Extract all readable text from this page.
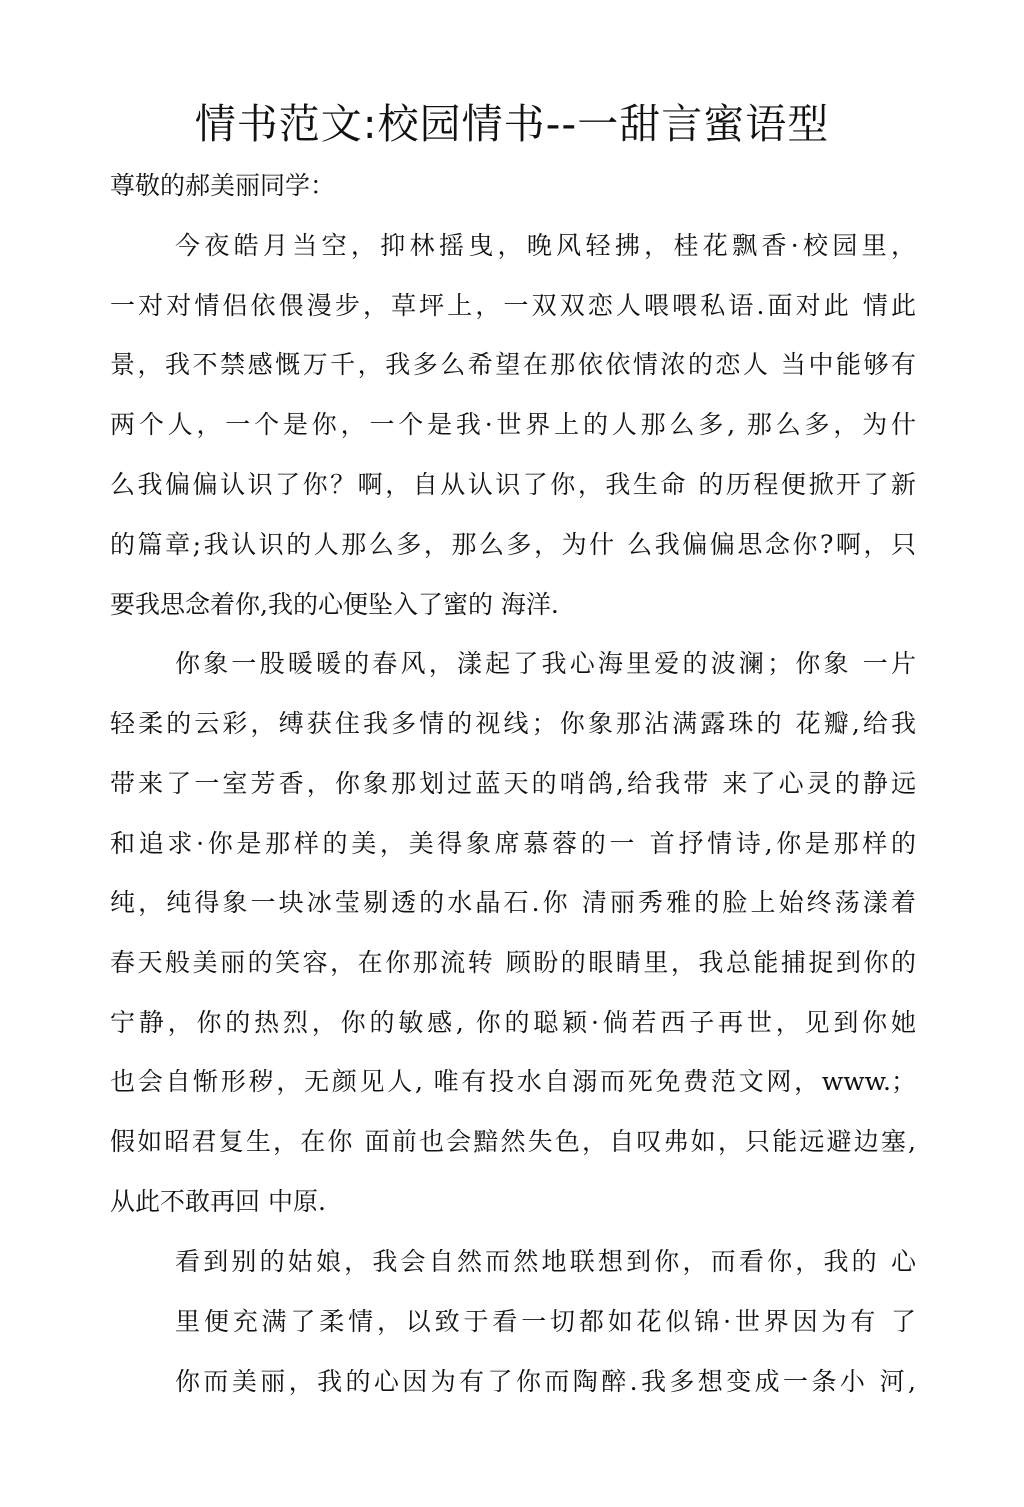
情书范文:校园情书--一甜言蜜语型
尊敬的郝美丽同学：
今夜皓月当空，抑林摇曳，晚风轻拂，桂花飘香·校园里，
一对对情侣依偎漫步，草坪上，一双双恋人喂喂私语.面对此 情此
景，我不禁感慨万千，我多么希望在那依依情浓的恋人 当中能够有
两个人，一个是你，一个是我·世界上的人那么多, 那么多，为什
么我偏偏认识了你？啊，自从认识了你，我生命 的历程便掀开了新
的篇章;我认识的人那么多，那么多，为什 么我偏偏思念你?啊，只
要我思念着你,我的心便坠入了蜜的 海洋.
你象一股暖暖的春风，漾起了我心海里爱的波澜；你象 一片
轻柔的云彩，缚获住我多情的视线；你象那沾满露珠的 花瓣,给我
带来了一室芳香，你象那划过蓝天的哨鸽,给我带 来了心灵的静远
和追求·你是那样的美，美得象席慕蓉的一 首抒情诗,你是那样的
纯，纯得象一块冰莹剔透的水晶石.你 清丽秀雅的脸上始终荡漾着
春天般美丽的笑容，在你那流转 顾盼的眼睛里，我总能捕捉到你的
宁静，你的热烈，你的敏感, 你的聪颖·倘若西子再世，见到你她
也会自惭形秽，无颜见人, 唯有投水自溺而死免费范文网，www.；
假如昭君复生，在你 面前也会黯然失色，自叹弗如，只能远避边塞,
从此不敢再回 中原.
看到别的姑娘，我会自然而然地联想到你，而看你，我的 心
里便充满了柔情，以致于看一切都如花似锦·世界因为有 了
你而美丽，我的心因为有了你而陶醉.我多想变成一条小 河,
